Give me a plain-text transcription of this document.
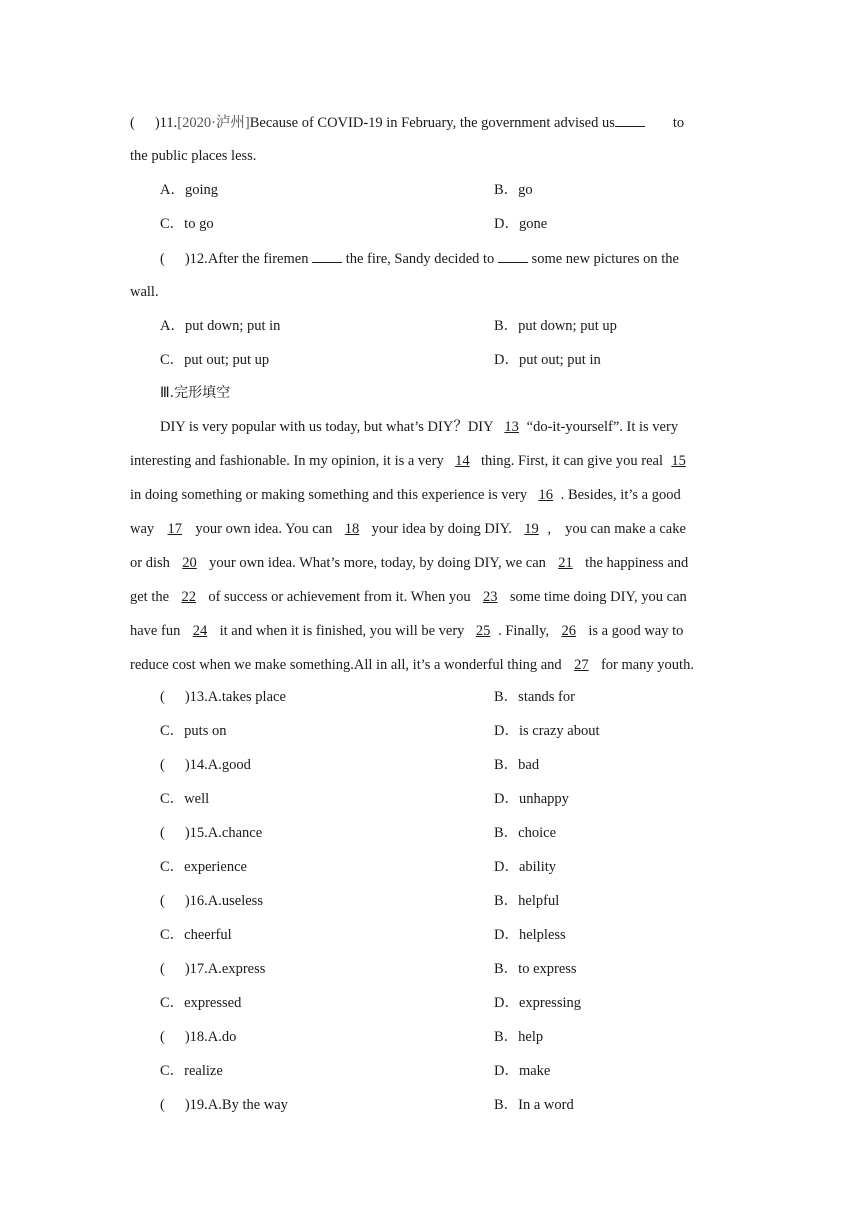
( )11.[2020·泸州]Because of COVID-19 in February, the government advised us	to
the public places less.
A．going	B．go
C．to go	D．gone
( )12.After the firemen	the fire, Sandy decided to	some new pictures on the
wall.
A．put down; put in	B．put down; put up
C．put out; put up	D．put out; put in
Ⅲ.完形填空
DIY is very popular with us today, but what’s DIY？DIY 13 “do-it-yourself”. It is very
interesting and fashionable. In my opinion, it is a very 14 thing. First, it can give you real 15
in doing something or making something and this experience is very 16 . Besides, it’s a good
way 17 your own idea. You can 18 your idea by doing DIY. 19 , you can make a cake
or dish 20 your own idea. What’s more, today, by doing DIY, we can 21 the happiness and
get the 22 of success or achievement from it. When you 23 some time doing DIY, you can
have fun 24 it and when it is finished, you will be very 25 . Finally, 26 is a good way to
reduce cost when we make something.All in all, it’s a wonderful thing and 27 for many youth.
( )13.A.takes place	B．stands for
C．puts on	D．is crazy about
( )14.A.good	B．bad
C．well	D．unhappy
( )15.A.chance	B．choice
C．experience	D．ability
( )16.A.useless	B．helpful
C．cheerful	D．helpless
( )17.A.express	B．to express
C．expressed	D．expressing
( )18.A.do	B．help
C．realize	D．make
( )19.A.By the way	B．In a word
